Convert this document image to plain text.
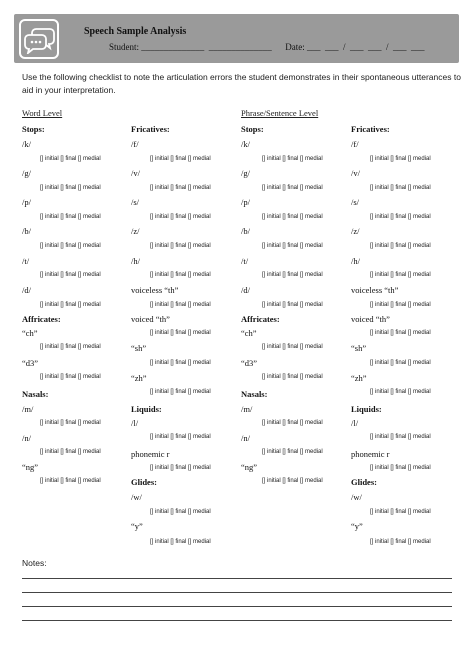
Speech Sample Analysis
Student: ______________  ______________      Date: ___  ___  /  ___  ___  /  ___  ___
Use the following checklist to note the articulation errors the student demonstrates in their spontaneous utterances to aid in your interpretation.
Word Level	Phrase/Sentence Level
Stops:
/k/
[] initial [] final [] medial
/g/
[] initial [] final [] medial
/p/
[] initial [] final [] medial
/b/
[] initial [] final [] medial
/t/
[] initial [] final [] medial
/d/
[] initial [] final [] medial
Affricates:
“ch”
[] initial [] final [] medial
“d3”
[] initial [] final [] medial
Nasals:
/m/
[] initial [] final [] medial
/n/
[] initial [] final [] medial
“ng”
[] initial [] final [] medial
Fricatives:
/f/
[] initial [] final [] medial
/v/
[] initial [] final [] medial
/s/
[] initial [] final [] medial
/z/
[] initial [] final [] medial
/h/
[] initial [] final [] medial
voiceless “th”
[] initial [] final [] medial
voiced “th”
[] initial [] final [] medial
“sh”
[] initial [] final [] medial
“zh”
[] initial [] final [] medial
Liquids:
/l/
[] initial [] final [] medial
phonemic r
[] initial [] final [] medial
Glides:
/w/
[] initial [] final [] medial
“y”
[] initial [] final [] medial
Stops:
/k/
[] initial [] final [] medial
/g/
[] initial [] final [] medial
/p/
[] initial [] final [] medial
/b/
[] initial [] final [] medial
/t/
[] initial [] final [] medial
/d/
[] initial [] final [] medial
Affricates:
“ch”
[] initial [] final [] medial
“d3”
[] initial [] final [] medial
Nasals:
/m/
[] initial [] final [] medial
/n/
[] initial [] final [] medial
“ng”
[] initial [] final [] medial
Fricatives:
/f/
[] initial [] final [] medial
/v/
[] initial [] final [] medial
/s/
[] initial [] final [] medial
/z/
[] initial [] final [] medial
/h/
[] initial [] final [] medial
voiceless “th”
[] initial [] final [] medial
voiced “th”
[] initial [] final [] medial
“sh”
[] initial [] final [] medial
“zh”
[] initial [] final [] medial
Liquids:
/l/
[] initial [] final [] medial
phonemic r
[] initial [] final [] medial
Glides:
/w/
[] initial [] final [] medial
“y”
[] initial [] final [] medial
Notes:
